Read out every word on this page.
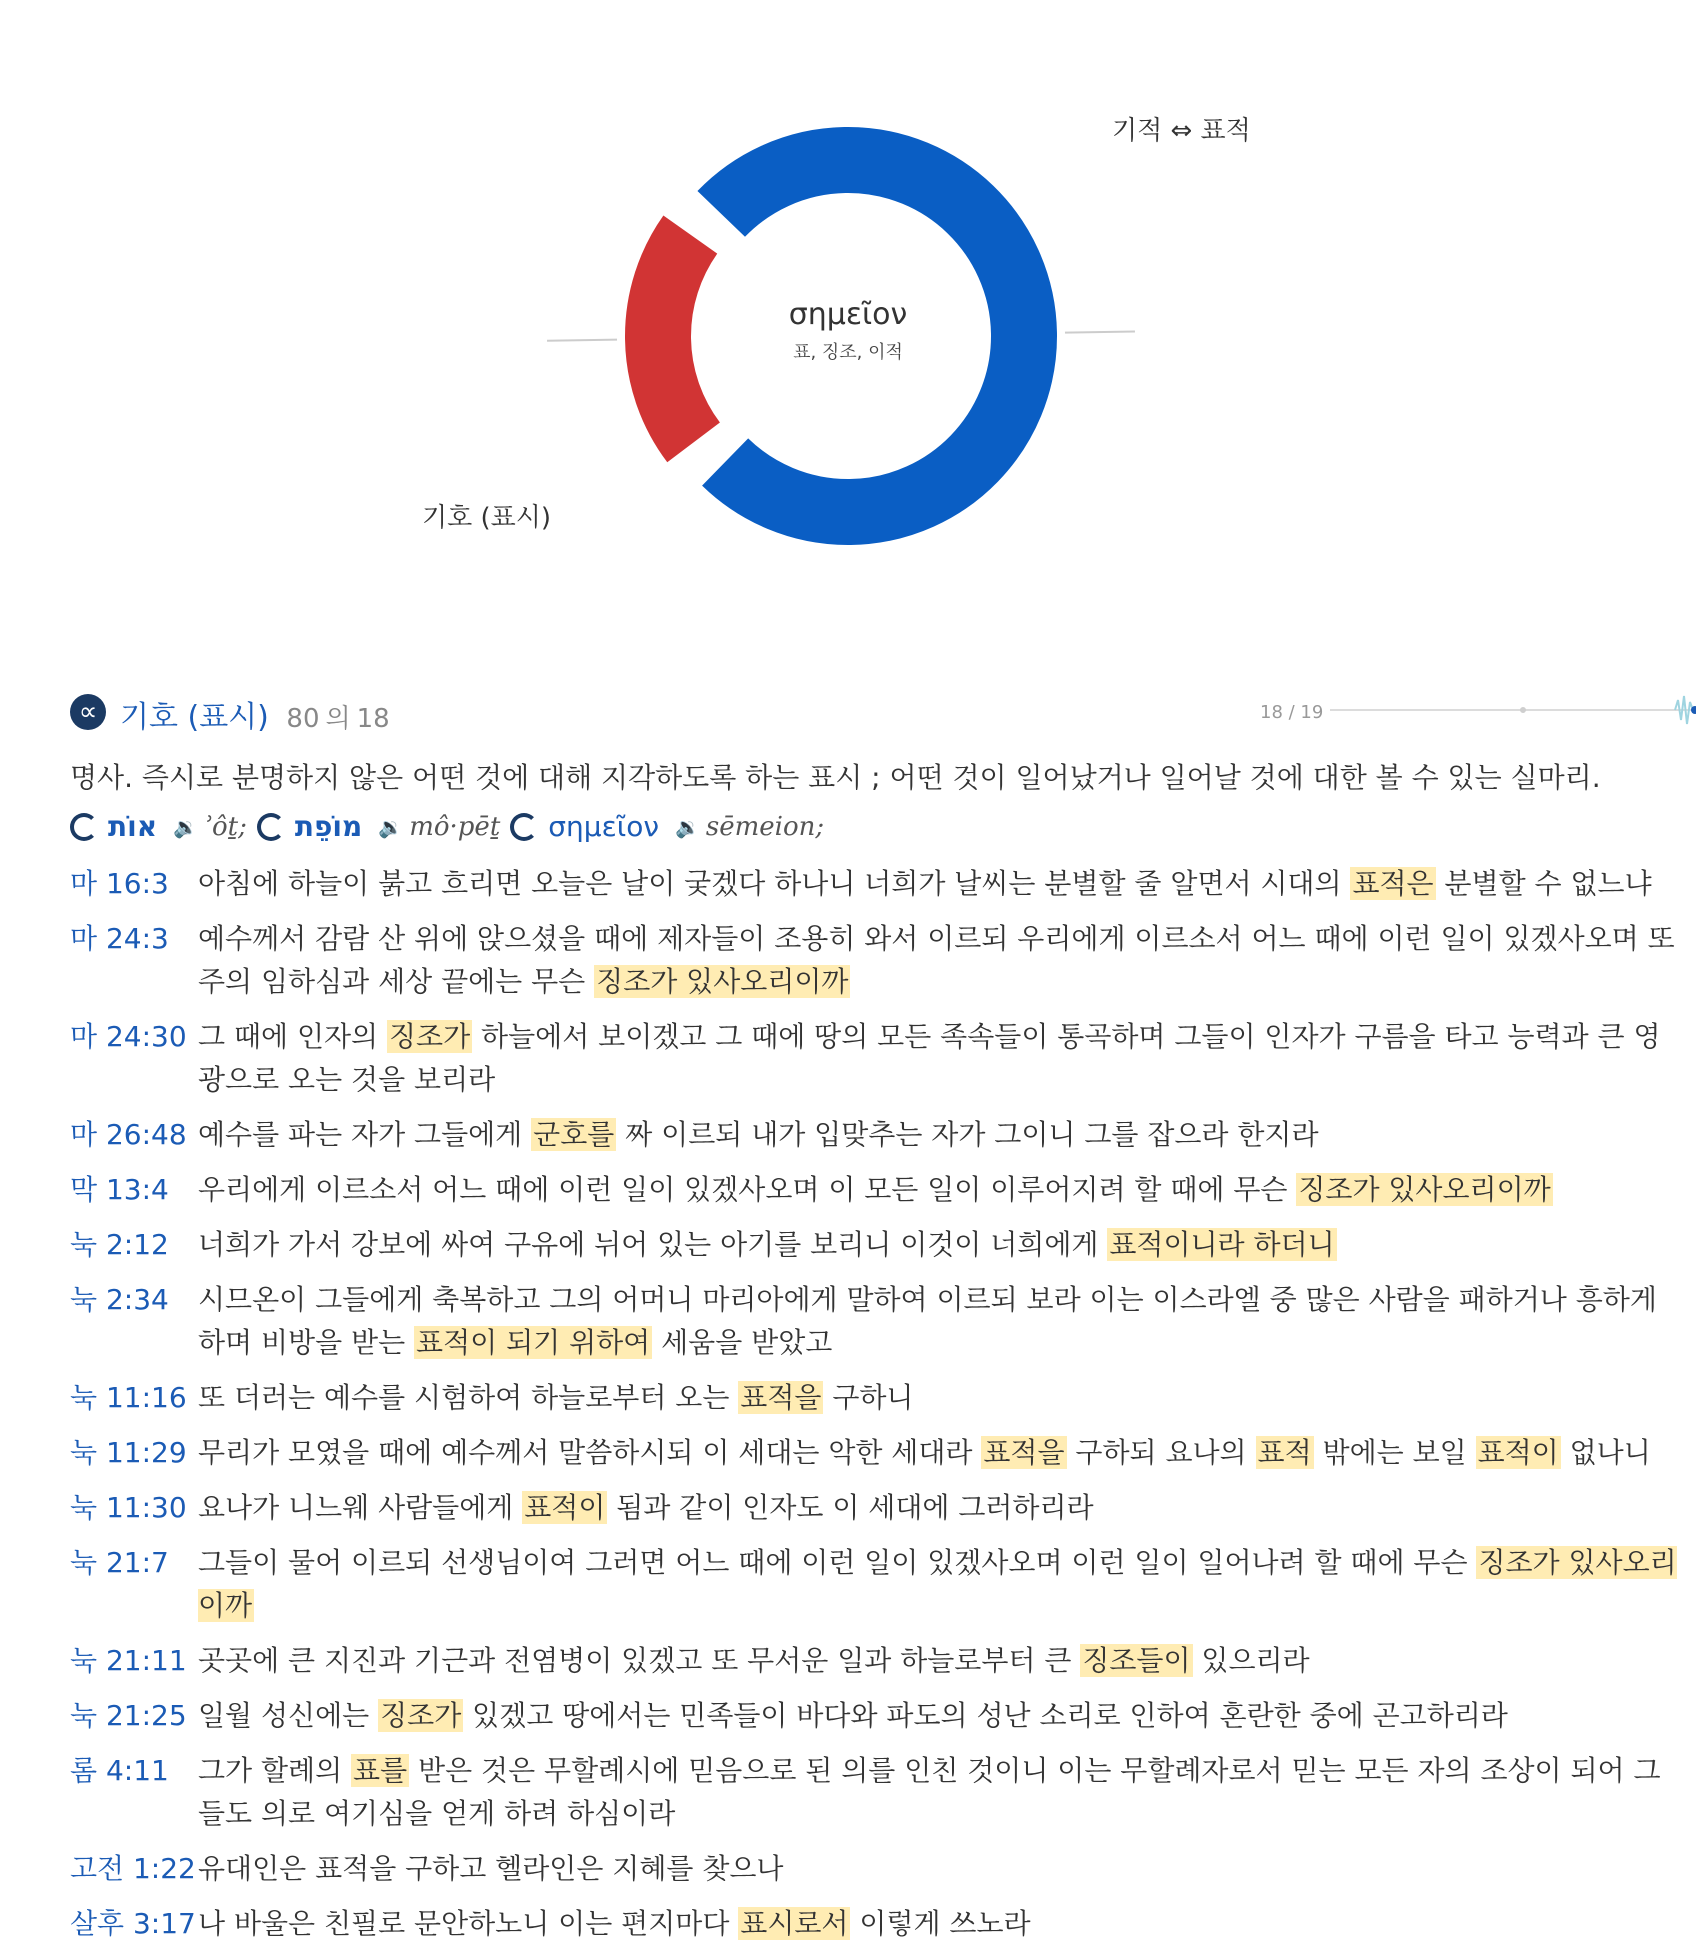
σημεῖον
표, 징조, 이적
기적 ⇔ 표적
기호 (표시)
∝ 기호 (표시) 80 의 18	18 / 19
명사. 즉시로 분명하지 않은 어떤 것에 대해 지각하도록 하는 표시 ; 어떤 것이 일어났거나 일어날 것에 대한 볼 수 있는 실마리.
אוֹת 🔉 ʾôṯ; מוֹפֵת 🔉 mô·pēṯ σημεῖον 🔉 sēmeion;
마 16:3	아침에 하늘이 붉고 흐리면 오늘은 날이 궂겠다 하나니 너희가 날씨는 분별할 줄 알면서 시대의 표적은 분별할 수 없느냐
마 24:3	예수께서 감람 산 위에 앉으셨을 때에 제자들이 조용히 와서 이르되 우리에게 이르소서 어느 때에 이런 일이 있겠사오며 또 주의 임하심과 세상 끝에는 무슨 징조가 있사오리이까
마 24:30 그 때에 인자의 징조가 하늘에서 보이겠고 그 때에 땅의 모든 족속들이 통곡하며 그들이 인자가 구름을 타고 능력과 큰 영광으로 오는 것을 보리라
마 26:48 예수를 파는 자가 그들에게 군호를 짜 이르되 내가 입맞추는 자가 그이니 그를 잡으라 한지라
막 13:4	우리에게 이르소서 어느 때에 이런 일이 있겠사오며 이 모든 일이 이루어지려 할 때에 무슨 징조가 있사오리이까
눅 2:12	너희가 가서 강보에 싸여 구유에 뉘어 있는 아기를 보리니 이것이 너희에게 표적이니라 하더니
눅 2:34	시므온이 그들에게 축복하고 그의 어머니 마리아에게 말하여 이르되 보라 이는 이스라엘 중 많은 사람을 패하거나 흥하게 하며 비방을 받는 표적이 되기 위하여 세움을 받았고
눅 11:16 또 더러는 예수를 시험하여 하늘로부터 오는 표적을 구하니
눅 11:29 무리가 모였을 때에 예수께서 말씀하시되 이 세대는 악한 세대라 표적을 구하되 요나의 표적 밖에는 보일 표적이 없나니
눅 11:30 요나가 니느웨 사람들에게 표적이 됨과 같이 인자도 이 세대에 그러하리라
눅 21:7	그들이 물어 이르되 선생님이여 그러면 어느 때에 이런 일이 있겠사오며 이런 일이 일어나려 할 때에 무슨 징조가 있사오리이까
눅 21:11 곳곳에 큰 지진과 기근과 전염병이 있겠고 또 무서운 일과 하늘로부터 큰 징조들이 있으리라
눅 21:25 일월 성신에는 징조가 있겠고 땅에서는 민족들이 바다와 파도의 성난 소리로 인하여 혼란한 중에 곤고하리라
롬 4:11	그가 할례의 표를 받은 것은 무할례시에 믿음으로 된 의를 인친 것이니 이는 무할례자로서 믿는 모든 자의 조상이 되어 그들도 의로 여기심을 얻게 하려 하심이라
고전 1:22 유대인은 표적을 구하고 헬라인은 지혜를 찾으나
살후 3:17 나 바울은 친필로 문안하노니 이는 편지마다 표시로서 이렇게 쓰노라
